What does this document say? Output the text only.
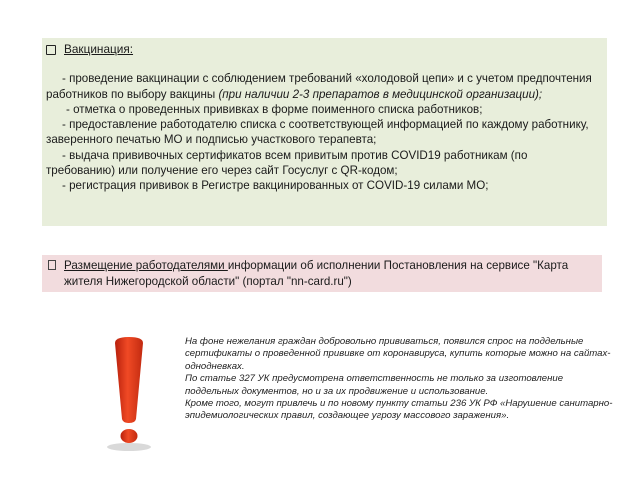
Вакцинация:

- проведение вакцинации с соблюдением требований «холодовой цепи» и с учетом предпочтения работников по выбору вакцины (при наличии 2-3 препаратов в медицинской организации);

- отметка о проведенных прививках в форме поименного списка работников;

- предоставление работодателю списка с соответствующей информацией по каждому работнику, заверенного печатью МО и подписью участкового терапевта;

- выдача прививочных сертификатов всем привитым против COVID19 работникам (по требованию) или получение его через сайт Госуслуг с QR-кодом;

- регистрация прививок в Регистре вакцинированных от COVID-19 силами МО;

Размещение работодателями информации об исполнении Постановления на сервисе "Карта жителя Нижегородской области" (портал "nn-card.ru")

На фоне нежелания граждан добровольно прививаться, появился спрос на поддельные сертификаты о проведенной прививке от коронавируса, купить которые можно на сайтах-однодневках.

По статье 327 УК предусмотрена ответственность не только за изготовление поддельных документов, но и за их продвижение и использование.

Кроме того, могут привлечь и по новому пункту статьи 236 УК РФ «Нарушение санитарно-эпидемиологических правил, создающее угрозу массового заражения».
